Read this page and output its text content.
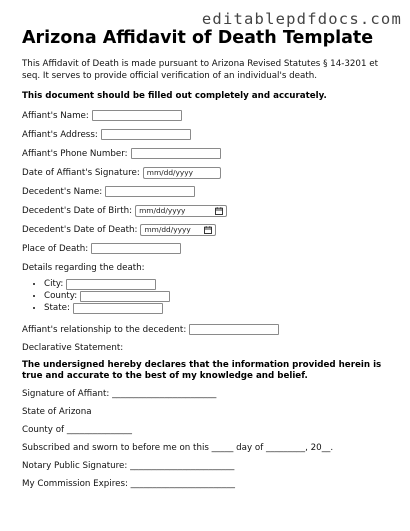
editablepdfdocs.com
Arizona Affidavit of Death Template
This Affidavit of Death is made pursuant to Arizona Revised Statutes § 14-3201 et seq. It serves to provide official verification of an individual's death.
This document should be filled out completely and accurately.
Affiant's Name:
Affiant's Address:
Affiant's Phone Number:
Date of Affiant's Signature: mm/dd/yyyy
Decedent's Name:
Decedent's Date of Birth: mm/dd/yyyy
Decedent's Date of Death: mm/dd/yyyy
Place of Death:
Details regarding the death:
• City:

• County:

• State:

Affiant's relationship to the decedent:
Declarative Statement:
The undersigned hereby declares that the information provided herein is true and accurate to the best of my knowledge and belief.
Signature of Affiant: ________________________
State of Arizona
County of _______________
Subscribed and sworn to before me on this _____ day of _________, 20__.
Notary Public Signature: ________________________
My Commission Expires: ________________________
